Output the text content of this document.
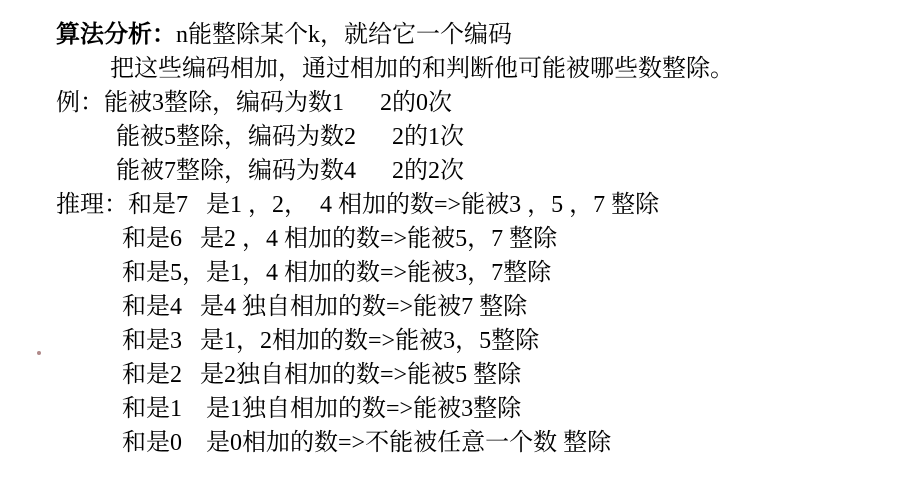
算法分析：n能整除某个k，就给它一个编码
把这些编码相加，通过相加的和判断他可能被哪些数整除。
例：能被3整除，编码为数1      2的0次
能被5整除，编码为数2      2的1次
能被7整除，编码为数4      2的2次
推理：和是7   是1 ，2，  4 相加的数=>能被3 ，5 ，7 整除
和是6   是2 ，4 相加的数=>能被5，7 整除
和是5，是1，4 相加的数=>能被3，7整除
和是4   是4 独自相加的数=>能被7 整除
和是3   是1，2相加的数=>能被3，5整除
和是2   是2独自相加的数=>能被5 整除
和是1    是1独自相加的数=>能被3整除
和是0    是0相加的数=>不能被任意一个数 整除
